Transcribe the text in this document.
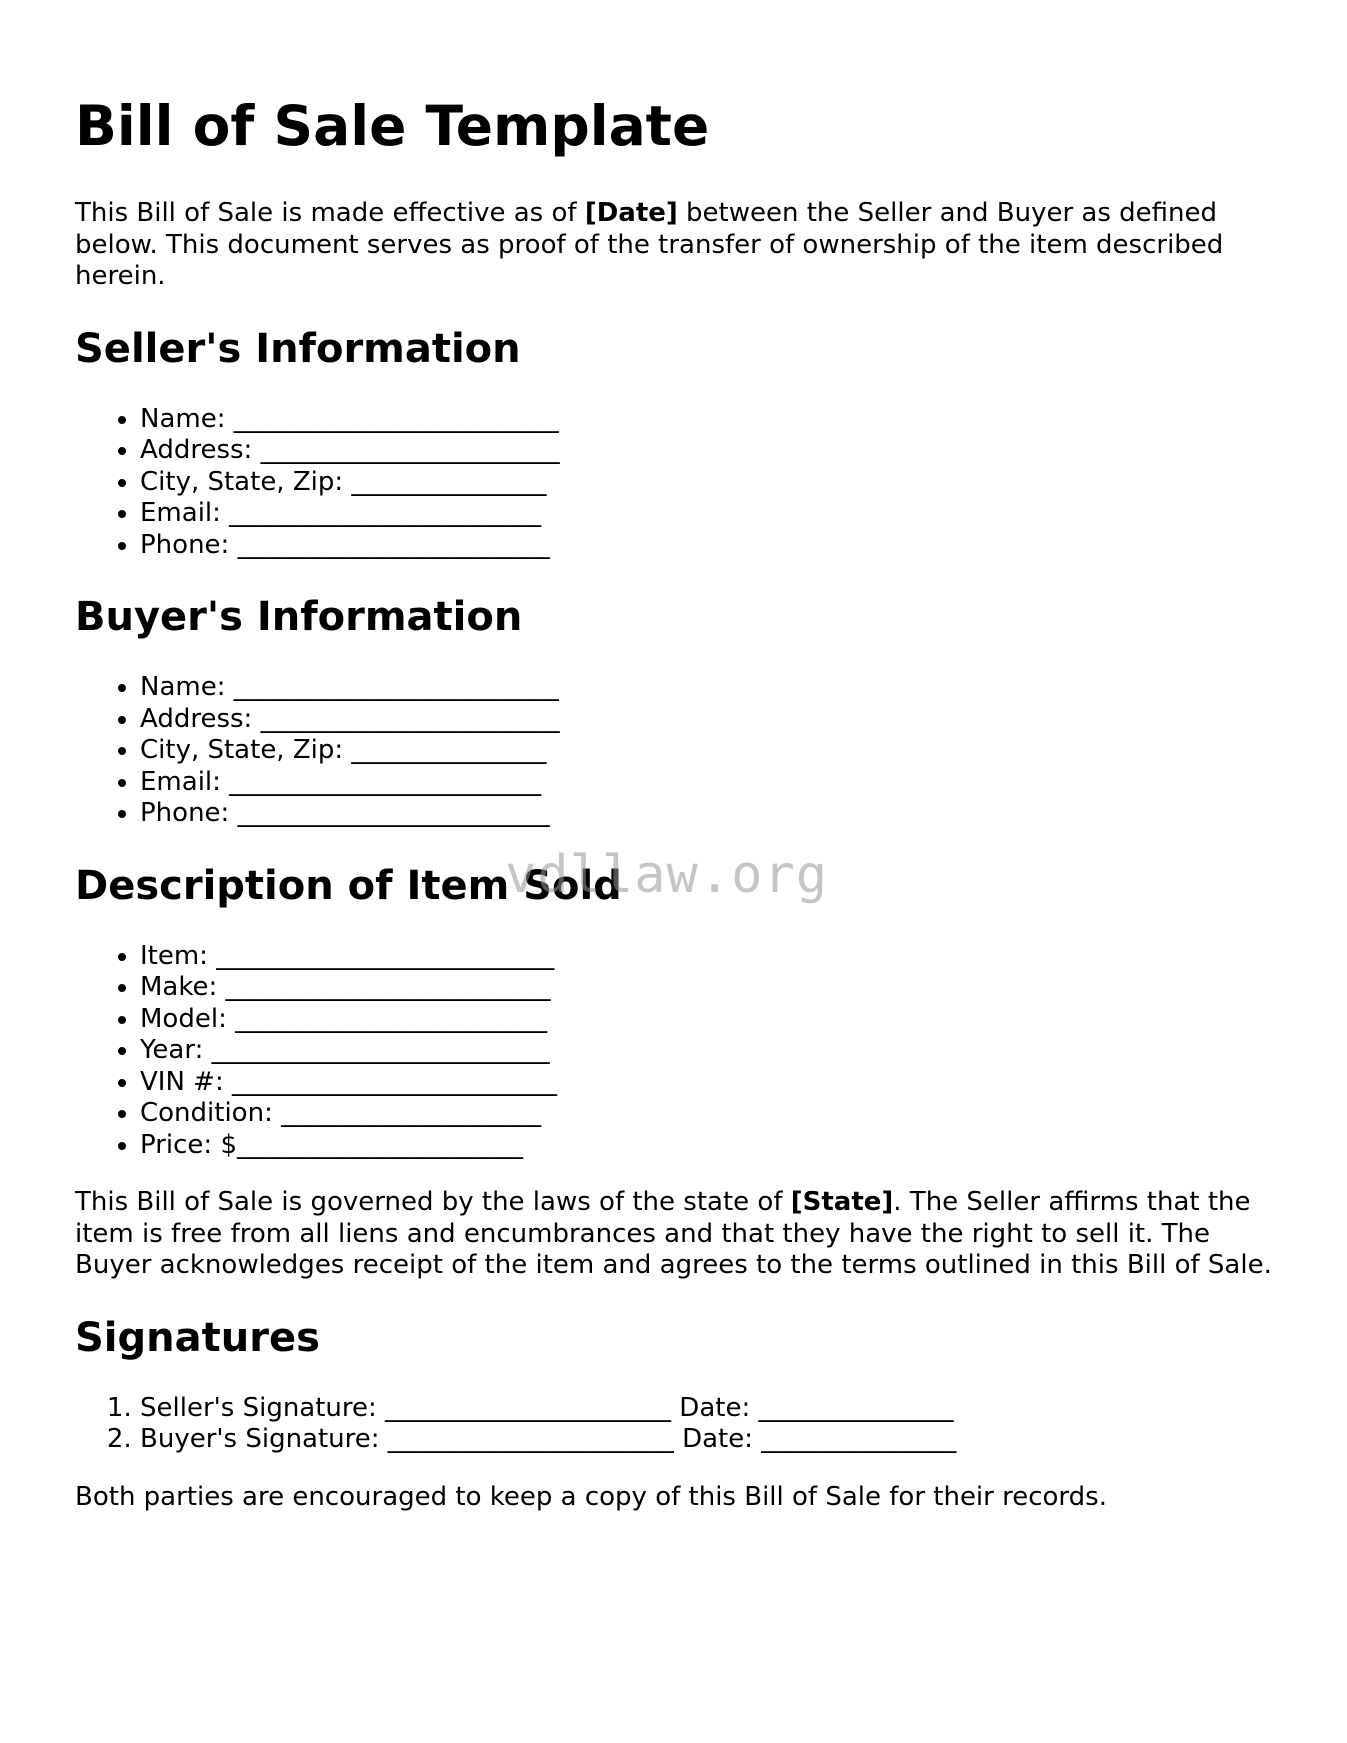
Bill of Sale Template

This Bill of Sale is made effective as of [Date] between the Seller and Buyer as defined below. This document serves as proof of the transfer of ownership of the item described herein.

Seller's Information
• Name: _________________________
• Address: _______________________
• City, State, Zip: _______________
• Email: ________________________
• Phone: ________________________
Buyer's Information
• Name: _________________________
• Address: _______________________
• City, State, Zip: _______________
• Email: ________________________
• Phone: ________________________
Description of Item Sold
• Item: __________________________
• Make: _________________________
• Model: ________________________
• Year: __________________________
• VIN #: _________________________
• Condition: ____________________
• Price: $______________________

This Bill of Sale is governed by the laws of the state of [State]. The Seller affirms that the item is free from all liens and encumbrances and that they have the right to sell it. The Buyer acknowledges receipt of the item and agrees to the terms outlined in this Bill of Sale.

Signatures
1. Seller's Signature: ______________________ Date: _______________
2. Buyer's Signature: ______________________ Date: _______________

Both parties are encouraged to keep a copy of this Bill of Sale for their records.

vdllaw.org
